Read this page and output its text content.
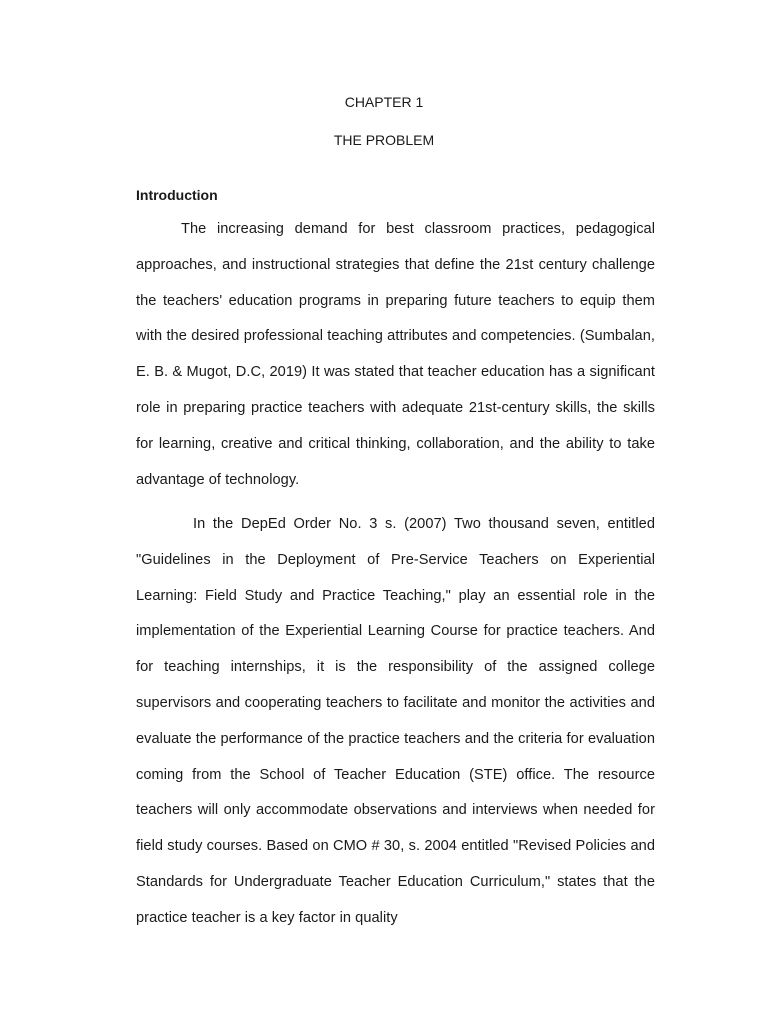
CHAPTER 1
THE PROBLEM
Introduction

The increasing demand for best classroom practices, pedagogical approaches, and instructional strategies that define the 21st century challenge the teachers' education programs in preparing future teachers to equip them with the desired professional teaching attributes and competencies. (Sumbalan, E. B. & Mugot, D.C, 2019) It was stated that teacher education has a significant role in preparing practice teachers with adequate 21st-century skills, the skills for learning, creative and critical thinking, collaboration, and the ability to take advantage of technology.

In the DepEd Order No. 3 s. (2007) Two thousand seven, entitled "Guidelines in the Deployment of Pre-Service Teachers on Experiential Learning: Field Study and Practice Teaching," play an essential role in the implementation of the Experiential Learning Course for practice teachers. And for teaching internships, it is the responsibility of the assigned college supervisors and cooperating teachers to facilitate and monitor the activities and evaluate the performance of the practice teachers and the criteria for evaluation coming from the School of Teacher Education (STE) office. The resource teachers will only accommodate observations and interviews when needed for field study courses. Based on CMO # 30, s. 2004 entitled "Revised Policies and Standards for Undergraduate Teacher Education Curriculum," states that the practice teacher is a key factor in quality
